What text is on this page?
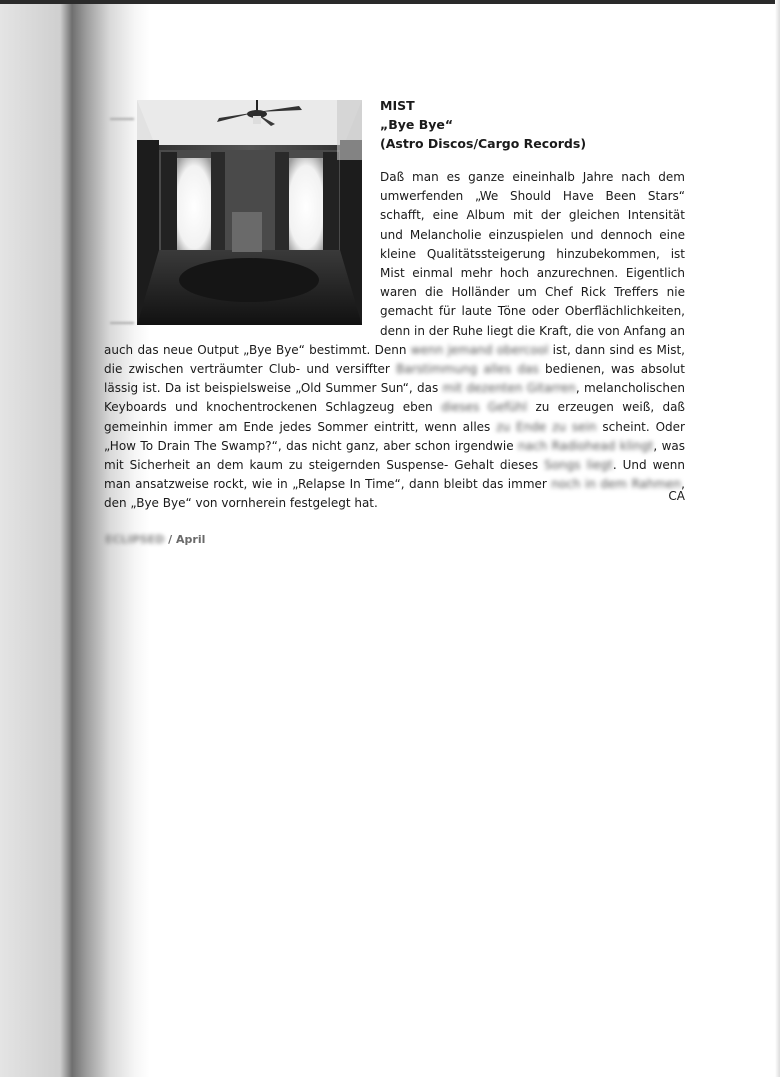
MIST
„Bye Bye“
(Astro Discos/Cargo Records)

Daß man es ganze eineinhalb Jahre nach dem umwerfenden „We Should Have Been Stars“ schafft, eine Album mit der gleichen Intensität und Melancholie einzuspielen und dennoch eine kleine Qualitätssteigerung hinzubekommen, ist Mist einmal mehr hoch anzurechnen. Eigentlich waren die Holländer um Chef Rick Treffers nie gemacht für laute Töne oder Oberflächlichkeiten, denn in der Ruhe liegt die Kraft, die von Anfang an auch das neue Output „Bye Bye“ bestimmt. Denn wenn jemand obercool ist, dann sind es Mist, die zwischen verträumter Club- und versiffter Barstimmung alles das bedienen, was absolut lässig ist. Da ist beispielsweise „Old Summer Sun“, das mit dezenten Gitarren, melancholischen Keyboards und knochentrockenen Schlagzeug eben dieses Gefühl zu erzeugen weiß, daß gemeinhin immer am Ende jedes Sommer eintritt, wenn alles zu Ende zu sein scheint. Oder „How To Drain The Swamp?“, das nicht ganz, aber schon irgendwie nach Radiohead klingt, was mit Sicherheit an dem kaum zu steigernden Suspense- Gehalt dieses Songs liegt. Und wenn man ansatzweise rockt, wie in „Relapse In Time“, dann bleibt das immer noch in dem Rahmen, den „Bye Bye“ von vornherein festgelegt hat.

CA
ECLIPSED / April
